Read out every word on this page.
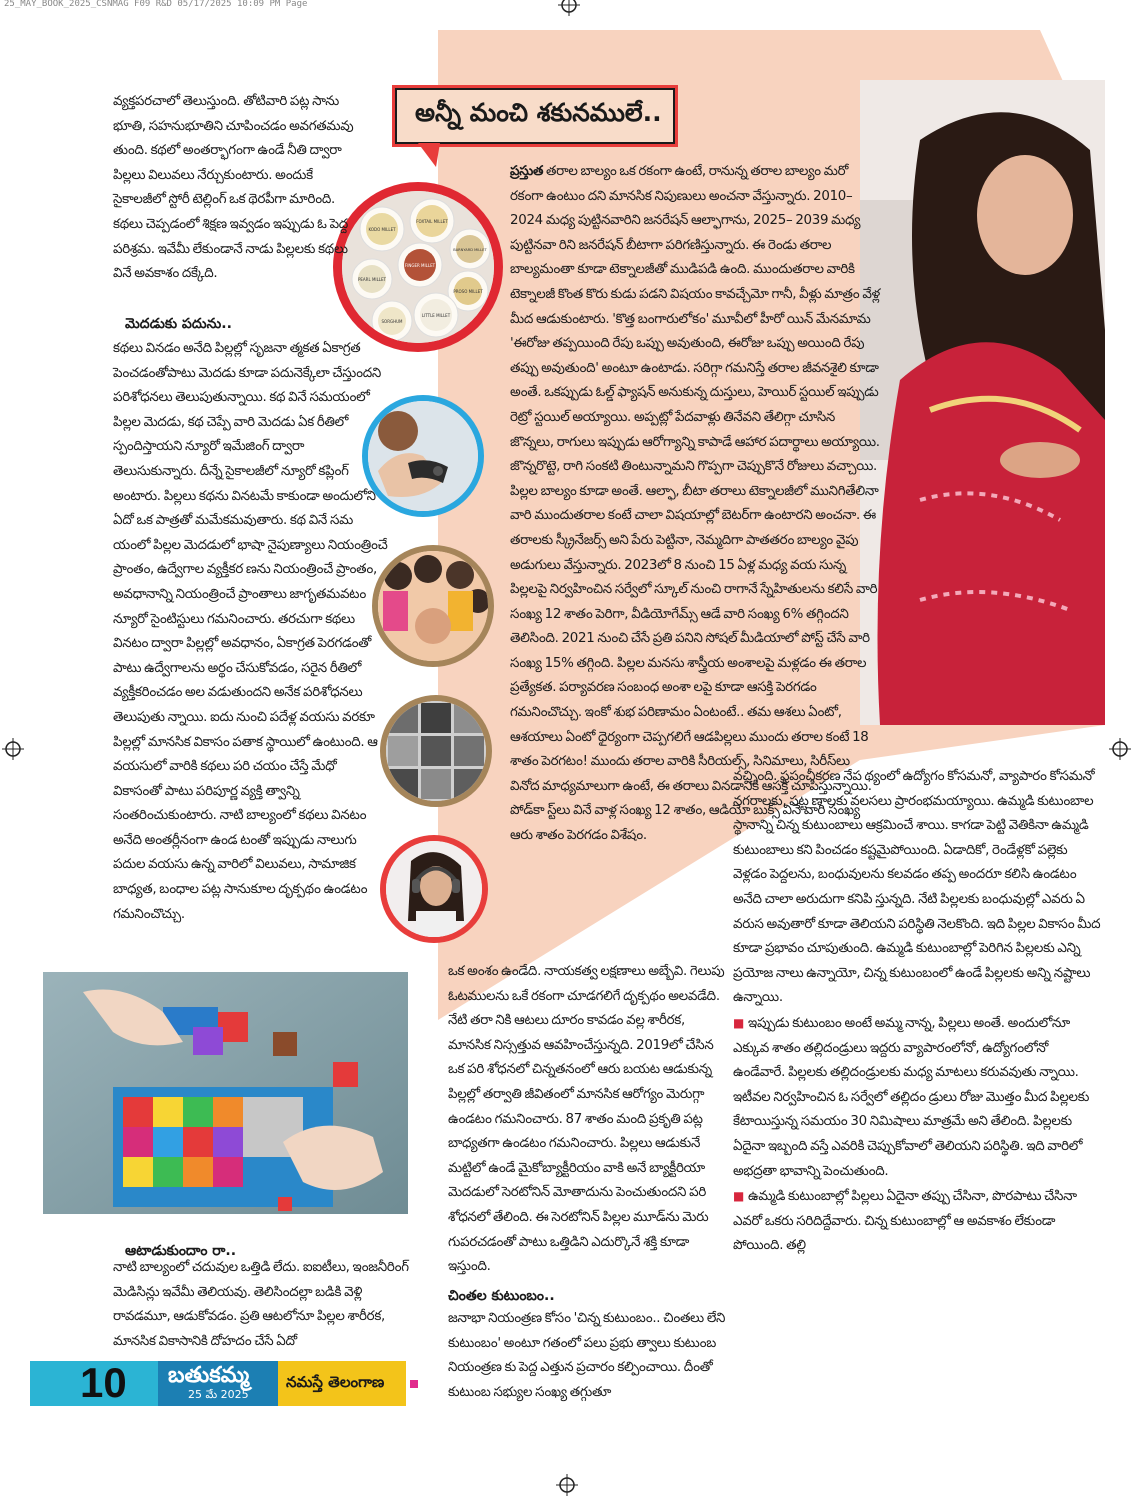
25_MAY_BOOK_2025_CSNMAG F09 R&D 05/17/2025 10:09 PM Page
అన్నీ మంచి శకునములే..
KODO MILLET
FOXTAIL MILLET
BARNYARD MILLET
PEARL MILLET
FINGER MILLET
SORGHUM
PROSO MILLET
LITTLE MILLET

వ్యక్తపరచాలో తెలుస్తుంది. తోటివారి పట్ల సాను భూతి, సహనుభూతిని చూపించడం అవగతమవు తుంది. కథలో అంతర్భాగంగా ఉండే నీతి ద్వారా పిల్లలు విలువలు నేర్చుకుంటారు. అందుకే సైకాలజీలో స్టోరీ టెల్లింగ్ ఒక థెరపీగా మారింది. కథలు చెప్పడంలో శిక్షణ ఇవ్వడం ఇప్పుడు ఓ పెద్ద పరిశ్రమ. ఇవేమీ లేకుండానే నాడు పిల్లలకు కథలు వినే అవకాశం దక్కేది.

మెదడుకు పదును..

కథలు వినడం అనేది పిల్లల్లో సృజనా త్మకత ఏకాగ్రత పెంచడంతోపాటు మెదడు కూడా పదునెక్కేలా చేస్తుందని పరిశోధనలు తెలుపుతున్నాయి. కథ వినే సమయంలో పిల్లల మెదడు, కథ చెప్పే వారి మెదడు ఏక రీతిలో స్పందిస్తాయని న్యూరో ఇమేజింగ్ ద్వారా తెలుసుకున్నారు. దీన్నే సైకాలజీలో న్యూరో కప్లింగ్ అంటారు. పిల్లలు కథను వినటమే కాకుండా అందులోని ఏదో ఒక పాత్రతో మమేకమవుతారు. కథ వినే సమ యంలో పిల్లల మెదడులో భాషా నైపుణ్యాలు నియంత్రించే ప్రాంతం, ఉద్వేగాల వ్యక్తీకర ణను నియంత్రించే ప్రాంతం, అవధానాన్ని నియంత్రించే ప్రాంతాలు జాగృతమవటం న్యూరో సైంటిస్టులు గమనించారు. తరచుగా కథలు వినటం ద్వారా పిల్లల్లో అవధానం, ఏకాగ్రత పెరగడంతో పాటు ఉద్వేగాలను అర్థం చేసుకోవడం, సరైన రీతిలో వ్యక్తీకరించడం అల వడుతుందని అనేక పరిశోధనలు తెలుపుతు న్నాయి. ఐదు నుంచి పదేళ్ల వయసు వరకూ పిల్లల్లో మానసిక వికాసం పతాక స్థాయిలో ఉంటుంది. ఆ వయసులో వారికి కథలు పరి చయం చేస్తే మేధో వికాసంతో పాటు పరిపూర్ణ వ్యక్తి త్వాన్ని సంతరించుకుంటారు. నాటి బాల్యంలో కథలు వినటం అనేది అంతర్లీనంగా ఉండ టంతో ఇప్పుడు నాలుగు పదుల వయసు ఉన్న వారిలో విలువలు, సామాజిక బాధ్యత, బంధాల పట్ల సానుకూల దృక్పథం ఉండటం గమనించొచ్చు.

ప్రస్తుత తరాల బాల్యం ఒక రకంగా ఉంటే, రానున్న తరాల బాల్యం మరో రకంగా ఉంటుం దని మానసిక నిపుణులు అంచనా వేస్తున్నారు. 2010– 2024 మధ్య పుట్టినవారిని జనరేషన్ ఆల్ఫాగాను, 2025– 2039 మధ్య పుట్టినవా రిని జనరేషన్ బీటాగా పరిగణిస్తున్నారు. ఈ రెండు తరాల బాల్యమంతా కూడా టెక్నాలజీతో ముడిపడి ఉంది. ముందుతరాల వారికి టెక్నాలజీ కొంత కొరు కుడు పడని విషయం కావచ్చేమో గానీ, వీళ్లు మాత్రం వేళ్ల మీద ఆడుకుంటారు. 'కొత్త బంగారులోకం' మూవీలో హీరో యిన్ మేనమామ 'ఈరోజు తప్పయింది రేపు ఒప్పు అవుతుంది, ఈరోజు ఒప్పు అయింది రేపు తప్పు అవుతుంది' అంటూ ఉంటాడు. సరిగ్గా గమనిస్తే తరాల జీవనశైలి కూడా అంతే. ఒకప్పుడు ఓల్డ్ ఫ్యాషన్ అనుకున్న దుస్తులు, హెయిర్ స్టయిల్ ఇప్పుడు రెట్రో స్టయిల్ అయ్యాయి. అప్పట్లో పేదవాళ్లు తినేవని తేలిగ్గా చూసిన జొన్నలు, రాగులు ఇప్పుడు ఆరోగ్యాన్ని కాపాడే ఆహార పదార్థాలు అయ్యాయి. జొన్నరొట్టె, రాగి సంకటి తింటున్నామని గొప్పగా చెప్పుకొనే రోజులు వచ్చాయి. పిల్లల బాల్యం కూడా అంతే. ఆల్ఫా, బీటా తరాలు టెక్నాలజీలో మునిగితేలినా వారి ముందుతరాల కంటే చాలా విషయాల్లో బెటర్‌గా ఉంటారని అంచనా. ఈ తరాలకు స్క్రీనేజర్స్ అని పేరు పెట్టినా, నెమ్మదిగా పాతతరం బాల్యం వైపు అడుగులు వేస్తున్నారు. 2023లో 8 నుంచి 15 ఏళ్ల మధ్య వయ సున్న పిల్లలపై నిర్వహించిన సర్వేలో స్కూల్ నుంచి రాగానే స్నేహితులను కలిసే వారి సంఖ్య 12 శాతం పెరిగా, వీడియోగేమ్స్ ఆడే వారి సంఖ్య 6% తగ్గిందని తెలిసింది. 2021 నుంచి చేసే ప్రతి పనిని సోషల్ మీడియాలో పోస్ట్ చేసే వారి సంఖ్య 15% తగ్గింది. పిల్లల మనసు శాస్త్రీయ అంశాలపై మళ్లడం ఈ తరాల ప్రత్యేకత. పర్యావరణ సంబంధ అంశా లపై కూడా ఆసక్తి పెరగడం గమనించొచ్చు. ఇంకో శుభ పరిణామం ఏంటంటే.. తమ ఆశలు ఏంటో, ఆశయాలు ఏంటో ధైర్యంగా చెప్పగలిగే ఆడపిల్లలు ముందు తరాల కంటే 18 శాతం పెరగటం! ముందు తరాల వారికి సీరియల్స్, సినిమాలు, సిరీస్‌లు వినోద మాధ్యమాలుగా ఉంటే, ఈ తరాలు వినడానికి ఆసక్తి చూపిస్తున్నాయి. పోడ్‌కా స్ట్‌లు వినే వాళ్ల సంఖ్య 12 శాతం, ఆడియో బుక్స్ వినే వారి సంఖ్య ఆరు శాతం పెరగడం విశేషం.

ఒక అంశం ఉండేది. నాయకత్వ లక్షణాలు అబ్బేవి. గెలుపు ఓటములను ఒకే రకంగా చూడగలిగే దృక్పథం అలవడేది. నేటి తరా నికి ఆటలు దూరం కావడం వల్ల శారీరక, మానసిక నిస్సత్తువ ఆవహించేస్తున్నది. 2019లో చేసిన ఒక పరి శోధనలో చిన్నతనంలో ఆరు బయట ఆడుకున్న పిల్లల్లో తర్వాతి జీవితంలో మానసిక ఆరోగ్యం మెరుగ్గా ఉండటం గమనించారు. 87 శాతం మంది ప్రకృతి పట్ల బాధ్యతగా ఉండటం గమనించారు. పిల్లలు ఆడుకునే మట్టిలో ఉండే మైకోబ్యాక్టీరియం వాకి అనే బ్యాక్టీరియా మెదడులో సెరటోనిన్ మోతాదును పెంచుతుందని పరి శోధనలో తేలింది. ఈ సెరటోనిన్ పిల్లల మూడ్‌ను మెరు గుపరచడంతో పాటు ఒత్తిడిని ఎదుర్కొనే శక్తి కూడా ఇస్తుంది.

చింతల కుటుంబం..

జనాభా నియంత్రణ కోసం 'చిన్న కుటుంబం.. చింతలు లేని కుటుంబం' అంటూ గతంలో పలు ప్రభు త్వాలు కుటుంబ నియంత్రణ కు పెద్ద ఎత్తున ప్రచారం కల్పించాయి. దీంతో కుటుంబ సభ్యుల సంఖ్య తగ్గుతూ

వచ్చింది. ప్రపంచీకరణ నేప థ్యంలో ఉద్యోగం కోసమనో, వ్యాపారం కోసమనో నగరాలకు, పట్ట ణాలకు వలసలు ప్రారంభమయ్యాయి. ఉమ్మడి కుటుంబాల స్థానాన్ని చిన్న కుటుంబాలు ఆక్రమించే శాయి. కాగడా పెట్టి వెతికినా ఉమ్మడి కుటుంబాలు కని పించడం కష్టమైపోయింది. ఏడాదికో, రెండేళ్లకో పల్లెకు వెళ్లడం పెద్దలను, బంధువులను కలవడం తప్ప అందరూ కలిసి ఉండటం అనేది చాలా అరుదుగా కనిపి స్తున్నది. నేటి పిల్లలకు బంధువుల్లో ఎవరు ఏ వరుస అవుతారో కూడా తెలియని పరిస్థితి నెలకొంది. ఇది పిల్లల వికాసం మీద కూడా ప్రభావం చూపుతుంది. ఉమ్మడి కుటుంబాల్లో పెరిగిన పిల్లలకు ఎన్ని ప్రయోజ నాలు ఉన్నాయో, చిన్న కుటుంబంలో ఉండే పిల్లలకు అన్ని నష్టాలు ఉన్నాయి.

■ ఇప్పుడు కుటుంబం అంటే అమ్మ నాన్న, పిల్లలు అంతే. అందులోనూ ఎక్కువ శాతం తల్లిదండ్రులు ఇద్దరు వ్యాపారంలోనో, ఉద్యోగంలోనో ఉండేవారే. పిల్లలకు తల్లిదండ్రులకు మధ్య మాటలు కరువవుతు న్నాయి. ఇటీవల నిర్వహించిన ఓ సర్వేలో తల్లిదం డ్రులు రోజు మొత్తం మీద పిల్లలకు కేటాయిస్తున్న సమయం 30 నిమిషాలు మాత్రమే అని తేలింది. పిల్లలకు ఏదైనా ఇబ్బంది వస్తే ఎవరికి చెప్పుకోవాలో తెలియని పరిస్థితి. ఇది వారిలో అభద్రతా భావాన్ని పెంచుతుంది.

■ ఉమ్మడి కుటుంబాల్లో పిల్లలు ఏదైనా తప్పు చేసినా, పొరపాటు చేసినా ఎవరో ఒకరు సరిదిద్దేవారు. చిన్న కుటుంబాల్లో ఆ అవకాశం లేకుండా పోయింది. తల్లి

ఆటాడుకుందాం రా..

నాటి బాల్యంలో చదువుల ఒత్తిడి లేదు. ఐఐటీలు, ఇంజనీరింగ్ మెడిసిన్లు ఇవేమీ తెలియవు. తెలిసిందల్లా బడికి వెళ్లి రావడమూ, ఆడుకోవడం. ప్రతి ఆటలోనూ పిల్లల శారీరక, మానసిక వికాసానికి దోహదం చేసే ఏదో

10 బతుకమ్మ
25 మే 2025
నమస్తే తెలంగాణ
